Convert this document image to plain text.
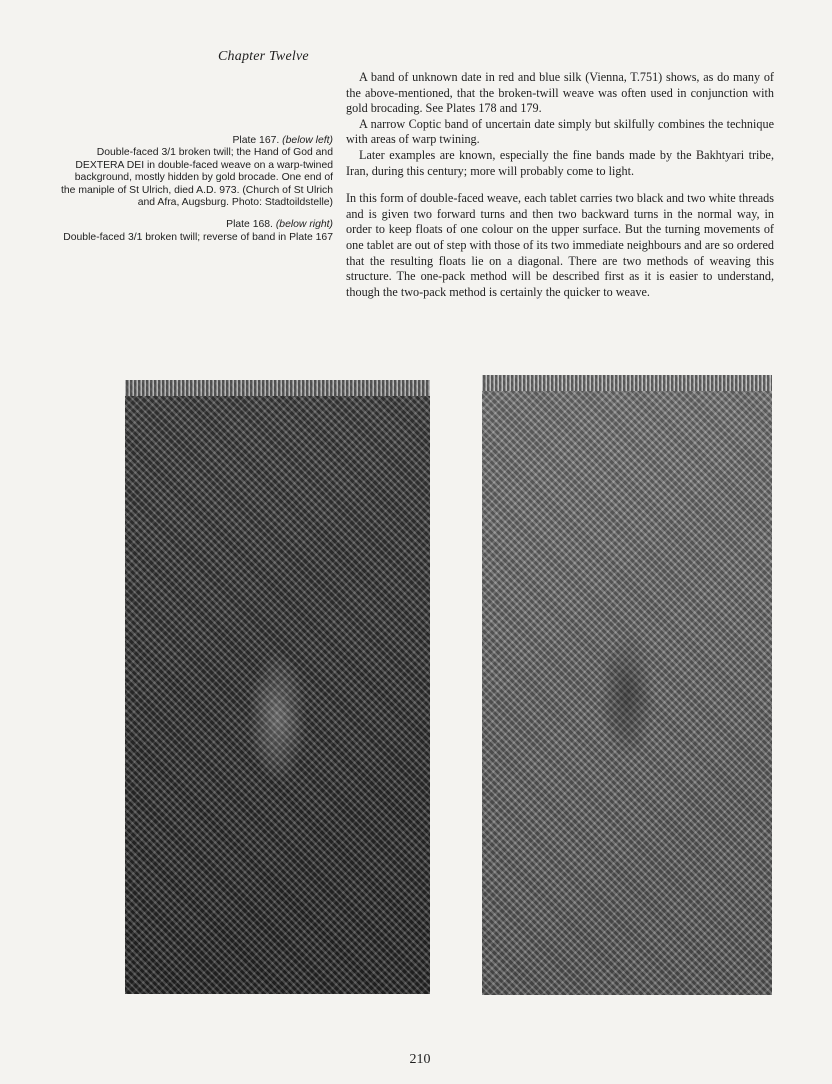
Chapter Twelve

Plate 167. (below left)
Double-faced 3/1 broken twill; the Hand of God and DEXTERA DEI in double-faced weave on a warp-twined background, mostly hidden by gold brocade. One end of the maniple of St Ulrich, died A.D. 973. (Church of St Ulrich and Afra, Augsburg. Photo: Stadtoildstelle)

Plate 168. (below right)
Double-faced 3/1 broken twill; reverse of band in Plate 167

A band of unknown date in red and blue silk (Vienna, T.751) shows, as do many of the above-mentioned, that the broken-twill weave was often used in conjunction with gold brocading. See Plates 178 and 179.

A narrow Coptic band of uncertain date simply but skilfully combines the technique with areas of warp twining.

Later examples are known, especially the fine bands made by the Bakhtyari tribe, Iran, during this century; more will probably come to light.

In this form of double-faced weave, each tablet carries two black and two white threads and is given two forward turns and then two backward turns in the normal way, in order to keep floats of one colour on the upper surface. But the turning movements of one tablet are out of step with those of its two immediate neighbours and are so ordered that the resulting floats lie on a diagonal. There are two methods of weaving this structure. The one-pack method will be described first as it is easier to understand, though the two-pack method is certainly the quicker to weave.

210
